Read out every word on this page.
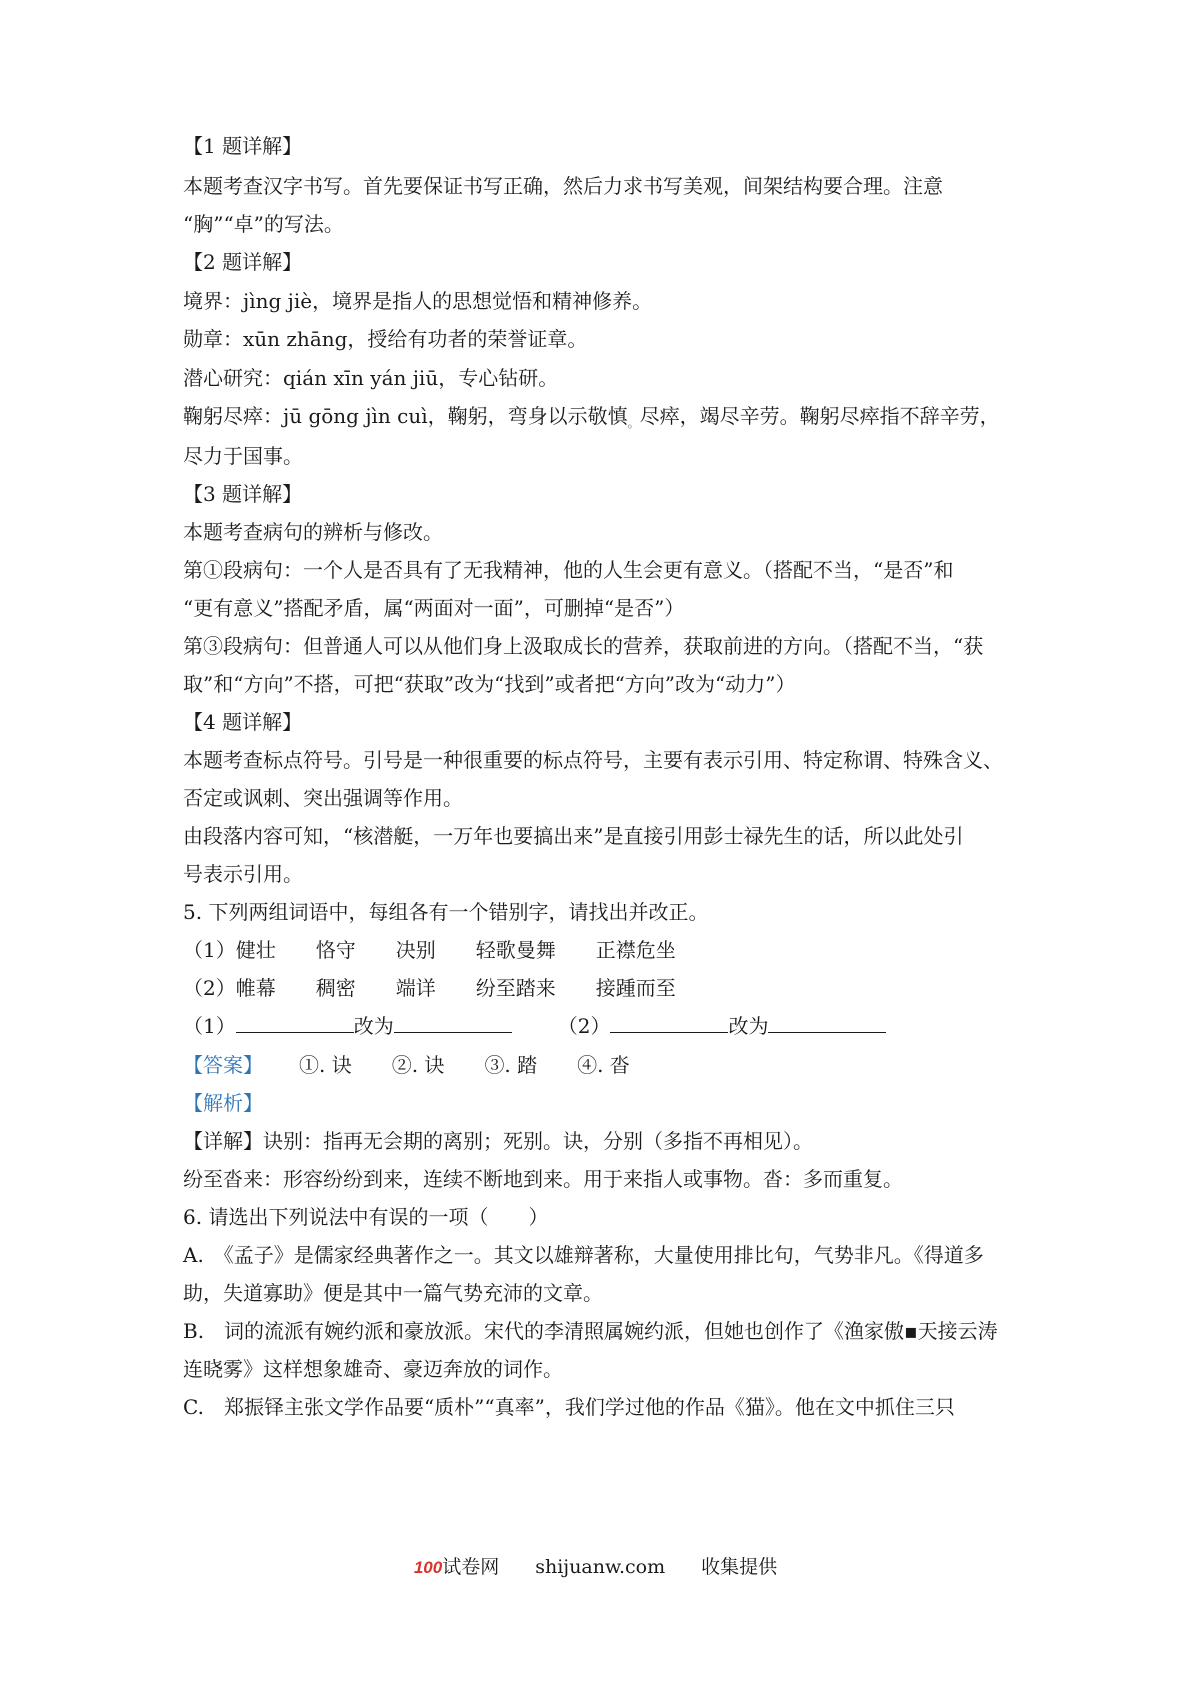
【1 题详解】
本题考查汉字书写。首先要保证书写正确，然后力求书写美观，间架结构要合理。注意
“胸”“卓”的写法。
【2 题详解】
境界：jìng jiè，境界是指人的思想觉悟和精神修养。
勋章：xūn zhāng，授给有功者的荣誉证章。
潜心研究：qián xīn yán jiū，专心钻研。
鞠躬尽瘁：jū gōng jìn cuì，鞠躬，弯身以示敬慎$_。$尽瘁，竭尽辛劳。鞠躬尽瘁指不辞辛劳，
尽力于国事。
【3 题详解】
本题考查病句的辨析与修改。
第①段病句：一个人是否具有了无我精神，他的人生会更有意义。（搭配不当，“是否”和
“更有意义”搭配矛盾，属“两面对一面”，可删掉“是否”）
第③段病句：但普通人可以从他们身上汲取成长的营养，获取前进的方向。（搭配不当，“获
取”和“方向”不搭，可把“获取”改为“找到”或者把“方向”改为“动力”）
【4 题详解】
本题考查标点符号。引号是一种很重要的标点符号，主要有表示引用、特定称谓、特殊含义、
否定或讽刺、突出强调等作用。
由段落内容可知，“核潜艇，一万年也要搞出来”是直接引用彭士禄先生的话，所以此处引
号表示引用。
5. 下列两组词语中，每组各有一个错别字，请找出并改正。
（1）健壮 恪守 决别 轻歌曼舞 正襟危坐
（2）帷幕 稠密 端详 纷至踏来 接踵而至
（1）	改为	（2）	改为
【答案】 ①. 诀 ②. 诀 ③. 踏 ④. 沓
【解析】
【详解】诀别：指再无会期的离别；死别。诀，分别（多指不再相见）。
纷至沓来：形容纷纷到来，连续不断地到来。用于来指人或事物。沓：多而重复。
6. 请选出下列说法中有误的一项（　　）
A.　《孟子》是儒家经典著作之一。其文以雄辩著称，大量使用排比句，气势非凡。《得道多
助，失道寡助》便是其中一篇气势充沛的文章。
B.　词的流派有婉约派和豪放派。宋代的李清照属婉约派，但她也创作了《渔家傲▪天接云涛
连晓雾》这样想象雄奇、豪迈奔放的词作。
C.　郑振铎主张文学作品要“质朴”“真率”，我们学过他的作品《猫》。他在文中抓住三只
100试卷网 shijuanw.com 收集提供
